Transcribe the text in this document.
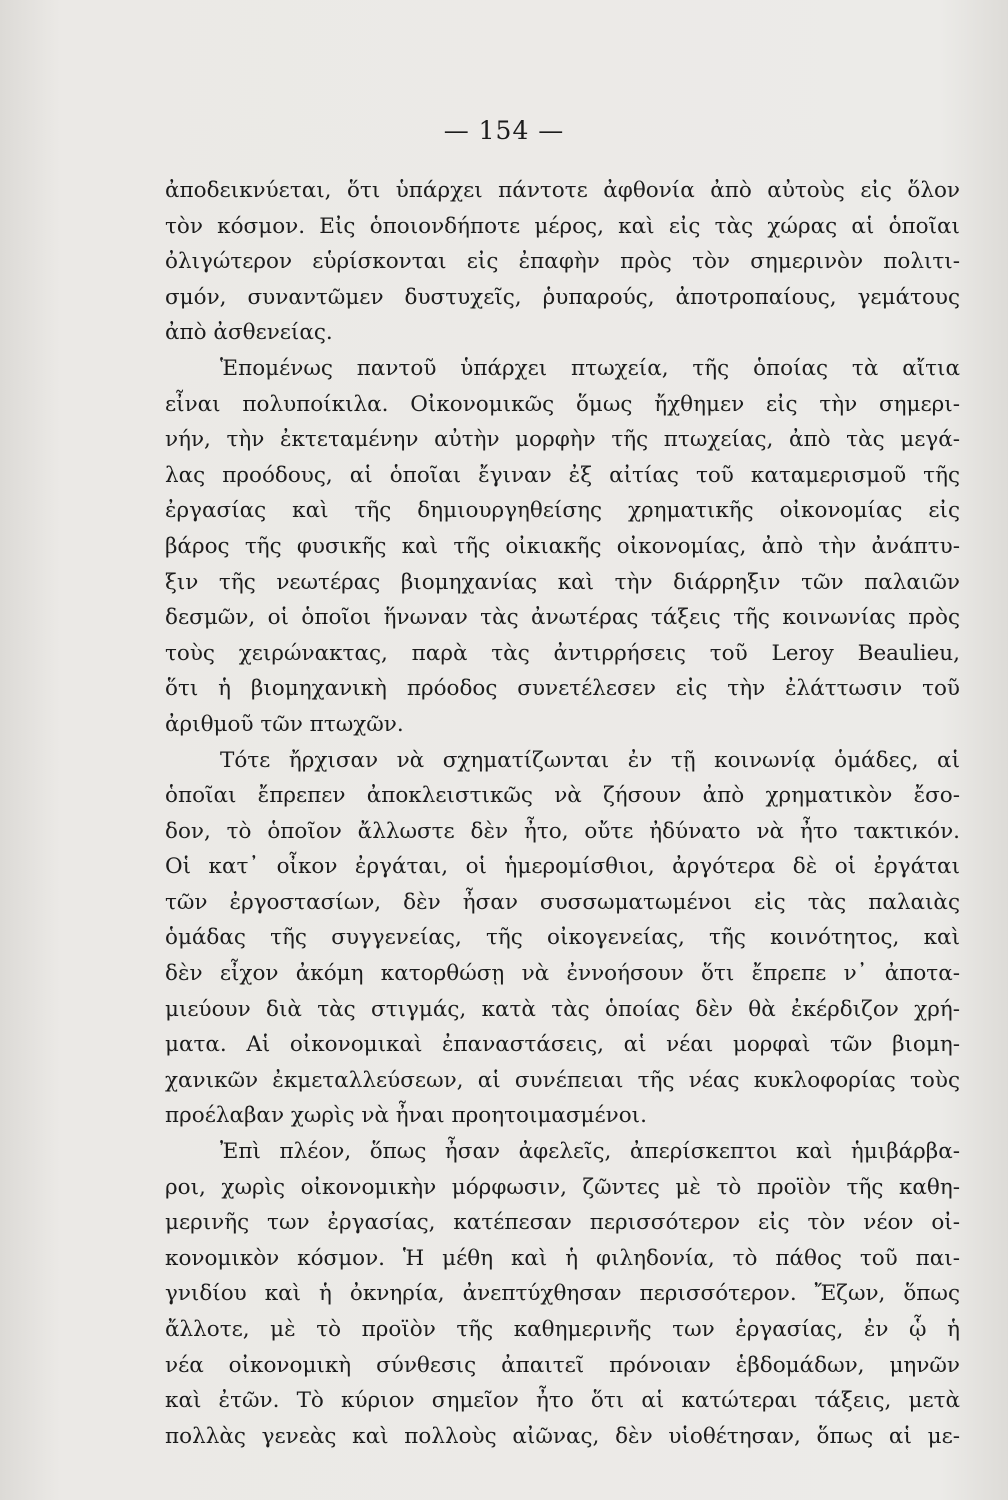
— 154 —
ἀποδεικνύεται, ὅτι ὑπάρχει πάντοτε ἀφθονία ἀπὸ αὐτοὺς εἰς ὅλον
τὸν κόσμον. Εἰς ὁποιονδήποτε μέρος, καὶ εἰς τὰς χώρας αἱ ὁποῖαι
ὀλιγώτερον εὑρίσκονται εἰς ἐπαφὴν πρὸς τὸν σημερινὸν πολιτι-
σμόν, συναντῶμεν δυστυχεῖς, ῥυπαρούς, ἀποτροπαίους, γεμάτους
ἀπὸ ἀσθενείας.
Ἑπομένως παντοῦ ὑπάρχει πτωχεία, τῆς ὁποίας τὰ αἴτια
εἶναι πολυποίκιλα. Οἰκονομικῶς ὅμως ἤχθημεν εἰς τὴν σημερι-
νήν, τὴν ἐκτεταμένην αὐτὴν μορφὴν τῆς πτωχείας, ἀπὸ τὰς μεγά-
λας προόδους, αἱ ὁποῖαι ἔγιναν ἐξ αἰτίας τοῦ καταμερισμοῦ τῆς
ἐργασίας καὶ τῆς δημιουργηθείσης χρηματικῆς οἰκονομίας εἰς
βάρος τῆς φυσικῆς καὶ τῆς οἰκιακῆς οἰκονομίας, ἀπὸ τὴν ἀνάπτυ-
ξιν τῆς νεωτέρας βιομηχανίας καὶ τὴν διάρρηξιν τῶν παλαιῶν
δεσμῶν, οἱ ὁποῖοι ἥνωναν τὰς ἀνωτέρας τάξεις τῆς κοινωνίας πρὸς
τοὺς χειρώνακτας, παρὰ τὰς ἀντιρρήσεις τοῦ Leroy Beaulieu,
ὅτι ἡ βιομηχανικὴ πρόοδος συνετέλεσεν εἰς τὴν ἐλάττωσιν τοῦ
ἀριθμοῦ τῶν πτωχῶν.
Τότε ἤρχισαν νὰ σχηματίζωνται ἐν τῇ κοινωνίᾳ ὁμάδες, αἱ
ὁποῖαι ἔπρεπεν ἀποκλειστικῶς νὰ ζήσουν ἀπὸ χρηματικὸν ἔσο-
δον, τὸ ὁποῖον ἄλλωστε δὲν ἦτο, οὔτε ἠδύνατο νὰ ἦτο τακτικόν.
Οἱ κατ᾽ οἶκον ἐργάται, οἱ ἡμερομίσθιοι, ἀργότερα δὲ οἱ ἐργάται
τῶν ἐργοστασίων, δὲν ἦσαν συσσωματωμένοι εἰς τὰς παλαιὰς
ὁμάδας τῆς συγγενείας, τῆς οἰκογενείας, τῆς κοινότητος, καὶ
δὲν εἶχον ἀκόμη κατορθώσῃ νὰ ἐννοήσουν ὅτι ἔπρεπε ν᾽ ἀποτα-
μιεύουν διὰ τὰς στιγμάς, κατὰ τὰς ὁποίας δὲν θὰ ἐκέρδιζον χρή-
ματα. Αἱ οἰκονομικαὶ ἐπαναστάσεις, αἱ νέαι μορφαὶ τῶν βιομη-
χανικῶν ἐκμεταλλεύσεων, αἱ συνέπειαι τῆς νέας κυκλοφορίας τοὺς
προέλαβαν χωρὶς νὰ ἦναι προητοιμασμένοι.
Ἐπὶ πλέον, ὅπως ἦσαν ἀφελεῖς, ἀπερίσκεπτοι καὶ ἡμιβάρβα-
ροι, χωρὶς οἰκονομικὴν μόρφωσιν, ζῶντες μὲ τὸ προϊὸν τῆς καθη-
μερινῆς των ἐργασίας, κατέπεσαν περισσότερον εἰς τὸν νέον οἰ-
κονομικὸν κόσμον. Ἡ μέθη καὶ ἡ φιληδονία, τὸ πάθος τοῦ παι-
γνιδίου καὶ ἡ ὀκνηρία, ἀνεπτύχθησαν περισσότερον. Ἔζων, ὅπως
ἄλλοτε, μὲ τὸ προϊὸν τῆς καθημερινῆς των ἐργασίας, ἐν ᾧ ἡ
νέα οἰκονομικὴ σύνθεσις ἀπαιτεῖ πρόνοιαν ἑβδομάδων, μηνῶν
καὶ ἐτῶν. Τὸ κύριον σημεῖον ἦτο ὅτι αἱ κατώτεραι τάξεις, μετὰ
πολλὰς γενεὰς καὶ πολλοὺς αἰῶνας, δὲν υἱοθέτησαν, ὅπως αἱ με-
